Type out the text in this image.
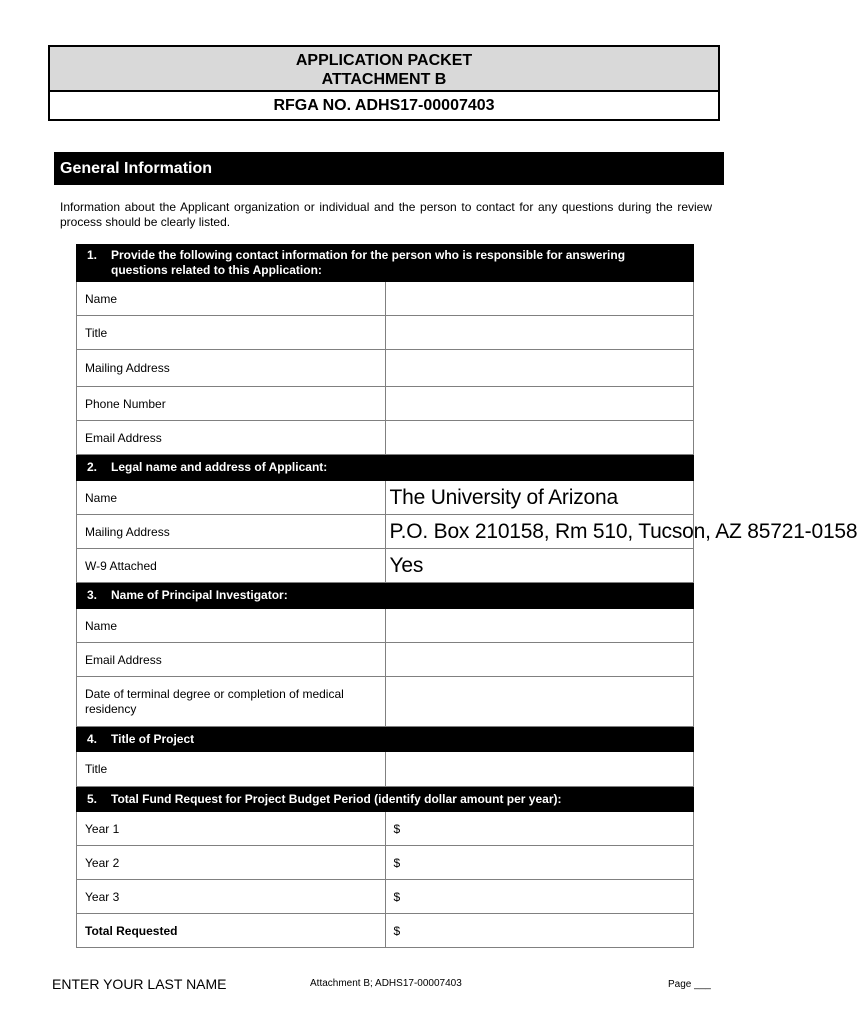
APPLICATION PACKET
ATTACHMENT B
RFGA NO. ADHS17-00007403
General Information
Information about the Applicant organization or individual and the person to contact for any questions during the review process should be clearly listed.
1. Provide the following contact information for the person who is responsible for answering
questions related to this Application:	
Name	
Title	
Mailing Address	
Phone Number	
Email Address	
2. Legal name and address of Applicant:	
Name	The University of Arizona
Mailing Address	P.O. Box 210158, Rm 510, Tucson, AZ 85721-0158
W-9 Attached	Yes
3. Name of Principal Investigator:	
Name	
Email Address	
Date of terminal degree or completion of medical residency	
4. Title of Project	
Title	
5. Total Fund Request for Project Budget Period (identify dollar amount per year):	
Year 1	$
Year 2	$
Year 3	$
Total Requested	$
ENTER YOUR LAST NAME	Attachment B; ADHS17-00007403	Page ___
